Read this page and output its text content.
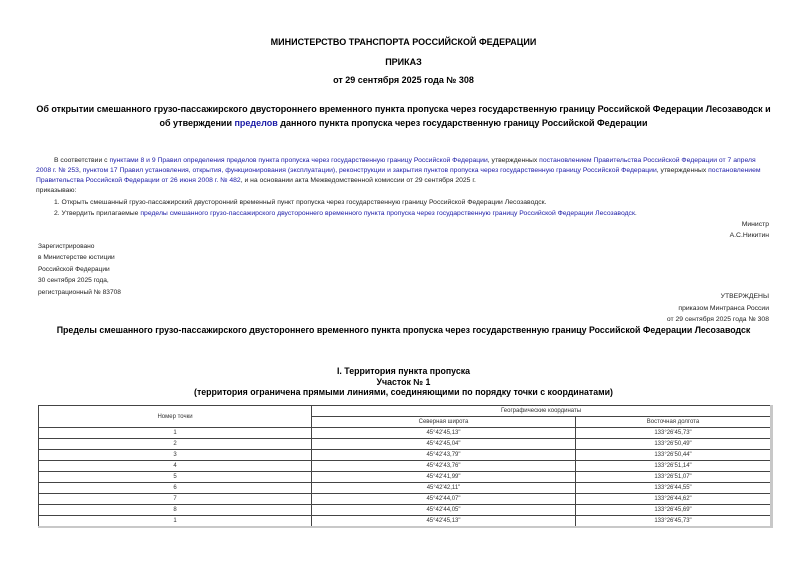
МИНИСТЕРСТВО ТРАНСПОРТА РОССИЙСКОЙ ФЕДЕРАЦИИ
ПРИКАЗ
от 29 сентября 2025 года № 308
Об открытии смешанного грузо-пассажирского двустороннего временного пункта пропуска через государственную границу Российской Федерации Лесозаводск и об утверждении пределов данного пункта пропуска через государственную границу Российской Федерации
В соответствии с пунктами 8 и 9 Правил определения пределов пункта пропуска через государственную границу Российской Федерации, утвержденных постановлением Правительства Российской Федерации от 7 апреля 2008 г. № 253, пунктом 17 Правил установления, открытия, функционирования (эксплуатации), реконструкции и закрытия пунктов пропуска через государственную границу Российской Федерации, утвержденных постановлением Правительства Российской Федерации от 26 июня 2008 г. № 482, и на основании акта Межведомственной комиссии от 29 сентября 2025 г.
приказываю:
1. Открыть смешанный грузо-пассажирский двусторонний временный пункт пропуска через государственную границу Российской Федерации Лесозаводск.
2. Утвердить прилагаемые пределы смешанного грузо-пассажирского двустороннего временного пункта пропуска через государственную границу Российской Федерации Лесозаводск.
Министр
А.С.Никитин
Зарегистрировано
в Министерстве юстиции
Российской Федерации
30 сентября 2025 года,
регистрационный № 83708
УТВЕРЖДЕНЫ
приказом Минтранса России
от 29 сентября 2025 года № 308
Пределы смешанного грузо-пассажирского двустороннего временного пункта пропуска через государственную границу Российской Федерации Лесозаводск
I. Территория пункта пропуска
Участок № 1
(территория ограничена прямыми линиями, соединяющими по порядку точки с координатами)
Номер точки	Географические координаты	
	Северная широта	Восточная долгота
1	45°42'45,13"	133°26'45,73"
2	45°42'45,04"	133°26'50,49"
3	45°42'43,79"	133°26'50,44"
4	45°42'43,76"	133°26'51,14"
5	45°42'41,99"	133°26'51,07"
6	45°42'42,11"	133°26'44,55"
7	45°42'44,07"	133°26'44,62"
8	45°42'44,05"	133°26'45,69"
1	45°42'45,13"	133°26'45,73"
